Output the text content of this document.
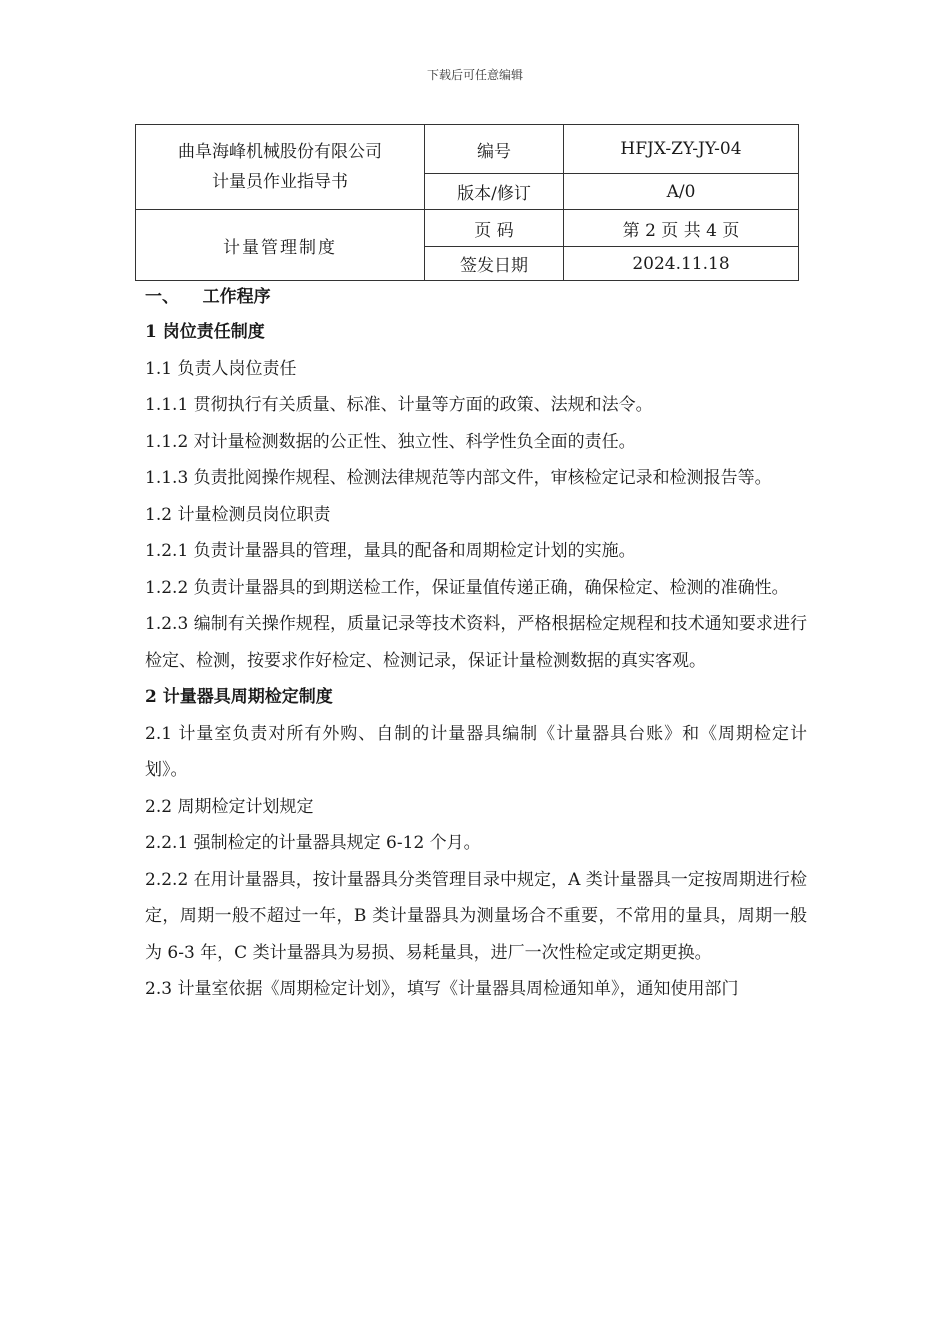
下载后可任意编辑
曲阜海峰机械股份有限公司
计量员作业指导书	编号	HFJX-ZY-JY-04
	版本/修订	A/0
计量管理制度	页 码	第 2 页 共 4 页
	签发日期	2024.11.18

一、    工作程序

1 岗位责任制度

1.1 负责人岗位责任

1.1.1 贯彻执行有关质量、标准、计量等方面的政策、法规和法令。

1.1.2 对计量检测数据的公正性、独立性、科学性负全面的责任。

1.1.3 负责批阅操作规程、检测法律规范等内部文件，审核检定记录和检测报告等。

1.2 计量检测员岗位职责

1.2.1 负责计量器具的管理，量具的配备和周期检定计划的实施。

1.2.2 负责计量器具的到期送检工作，保证量值传递正确，确保检定、检测的准确性。

1.2.3 编制有关操作规程，质量记录等技术资料，严格根据检定规程和技术通知要求进行检定、检测，按要求作好检定、检测记录，保证计量检测数据的真实客观。

2 计量器具周期检定制度

2.1 计量室负责对所有外购、自制的计量器具编制《计量器具台账》和《周期检定计划》。

2.2 周期检定计划规定

2.2.1 强制检定的计量器具规定 6-12 个月。

2.2.2 在用计量器具，按计量器具分类管理目录中规定，A 类计量器具一定按周期进行检定，周期一般不超过一年，B 类计量器具为测量场合不重要，不常用的量具，周期一般为 6-3 年，C 类计量器具为易损、易耗量具，进厂一次性检定或定期更换。

2.3 计量室依据《周期检定计划》，填写《计量器具周检通知单》，通知使用部门
